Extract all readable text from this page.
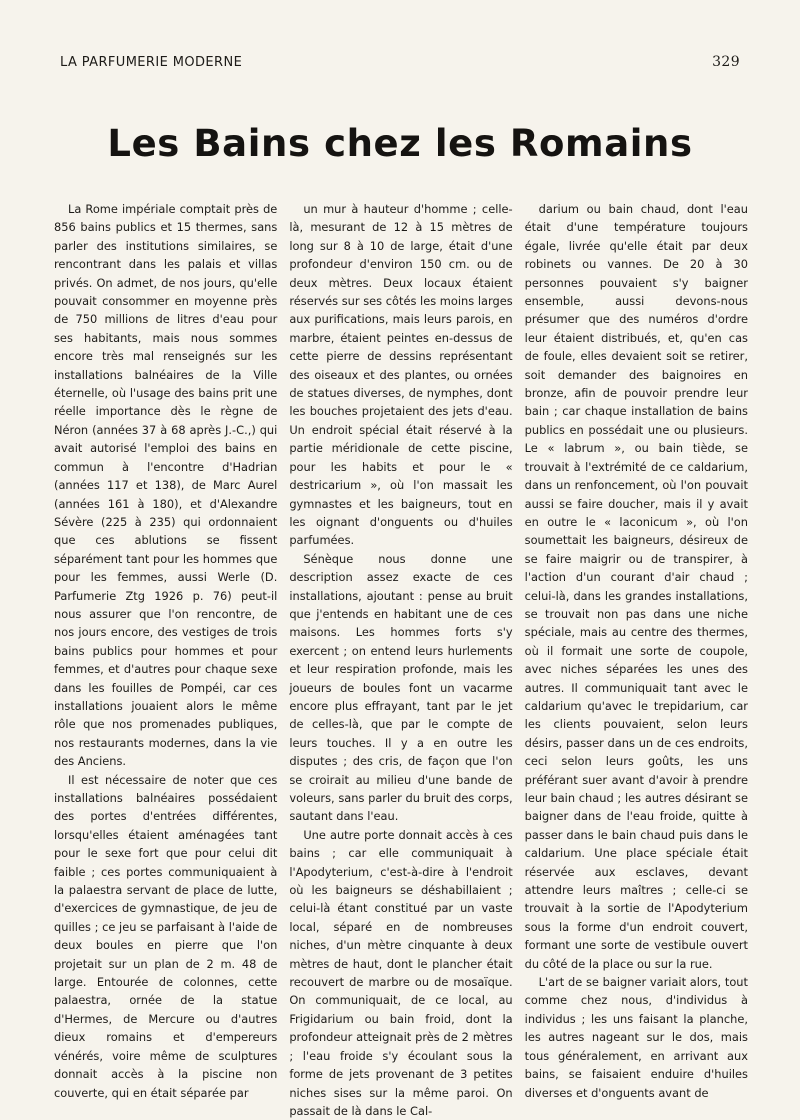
LA PARFUMERIE MODERNE	329
Les Bains chez les Romains

La Rome impériale comptait près de 856 bains publics et 15 thermes, sans parler des institutions similaires, se rencontrant dans les palais et villas privés. On admet, de nos jours, qu'elle pouvait consommer en moyenne près de 750 millions de litres d'eau pour ses habitants, mais nous sommes encore très mal renseignés sur les installations balnéaires de la Ville éternelle, où l'usage des bains prit une réelle importance dès le règne de Néron (années 37 à 68 après J.-C.,) qui avait autorisé l'emploi des bains en commun à l'encontre d'Hadrian (années 117 et 138), de Marc Aurel (années 161 à 180), et d'Alexandre Sévère (225 à 235) qui ordonnaient que ces ablutions se fissent séparément tant pour les hommes que pour les femmes, aussi Werle (D. Parfumerie Ztg 1926 p. 76) peut-il nous assurer que l'on rencontre, de nos jours encore, des vestiges de trois bains publics pour hommes et pour femmes, et d'autres pour chaque sexe dans les fouilles de Pompéi, car ces installations jouaient alors le même rôle que nos promenades publiques, nos restaurants modernes, dans la vie des Anciens.

Il est nécessaire de noter que ces installations balnéaires possédaient des portes d'entrées différentes, lorsqu'elles étaient aménagées tant pour le sexe fort que pour celui dit faible ; ces portes communiquaient à la palaestra servant de place de lutte, d'exercices de gymnastique, de jeu de quilles ; ce jeu se parfaisant à l'aide de deux boules en pierre que l'on projetait sur un plan de 2 m. 48 de large. Entourée de colonnes, cette palaestra, ornée de la statue d'Hermes, de Mercure ou d'autres dieux romains et d'empereurs vénérés, voire même de sculptures donnait accès à la piscine non couverte, qui en était séparée par

un mur à hauteur d'homme ; celle-là, mesurant de 12 à 15 mètres de long sur 8 à 10 de large, était d'une profondeur d'environ 150 cm. ou de deux mètres. Deux locaux étaient réservés sur ses côtés les moins larges aux purifications, mais leurs parois, en marbre, étaient peintes en-dessus de cette pierre de dessins représentant des oiseaux et des plantes, ou ornées de statues diverses, de nymphes, dont les bouches projetaient des jets d'eau. Un endroit spécial était réservé à la partie méridionale de cette piscine, pour les habits et pour le « destricarium », où l'on massait les gymnastes et les baigneurs, tout en les oignant d'onguents ou d'huiles parfumées.

Sénèque nous donne une description assez exacte de ces installations, ajoutant : pense au bruit que j'entends en habitant une de ces maisons. Les hommes forts s'y exercent ; on entend leurs hurlements et leur respiration profonde, mais les joueurs de boules font un vacarme encore plus effrayant, tant par le jet de celles-là, que par le compte de leurs touches. Il y a en outre les disputes ; des cris, de façon que l'on se croirait au milieu d'une bande de voleurs, sans parler du bruit des corps, sautant dans l'eau.

Une autre porte donnait accès à ces bains ; car elle communiquait à l'Apodyterium, c'est-à-dire à l'endroit où les baigneurs se déshabillaient ; celui-là étant constitué par un vaste local, séparé en de nombreuses niches, d'un mètre cinquante à deux mètres de haut, dont le plancher était recouvert de marbre ou de mosaïque. On communiquait, de ce local, au Frigidarium ou bain froid, dont la profondeur atteignait près de 2 mètres ; l'eau froide s'y écoulant sous la forme de jets provenant de 3 petites niches sises sur la même paroi. On passait de là dans le Cal-

darium ou bain chaud, dont l'eau était d'une température toujours égale, livrée qu'elle était par deux robinets ou vannes. De 20 à 30 personnes pouvaient s'y baigner ensemble, aussi devons-nous présumer que des numéros d'ordre leur étaient distribués, et, qu'en cas de foule, elles devaient soit se retirer, soit demander des baignoires en bronze, afin de pouvoir prendre leur bain ; car chaque installation de bains publics en possédait une ou plusieurs. Le « labrum », ou bain tiède, se trouvait à l'extrémité de ce caldarium, dans un renfoncement, où l'on pouvait aussi se faire doucher, mais il y avait en outre le « laconicum », où l'on soumettait les baigneurs, désireux de se faire maigrir ou de transpirer, à l'action d'un courant d'air chaud ; celui-là, dans les grandes installations, se trouvait non pas dans une niche spéciale, mais au centre des thermes, où il formait une sorte de coupole, avec niches séparées les unes des autres. Il communiquait tant avec le caldarium qu'avec le trepidarium, car les clients pouvaient, selon leurs désirs, passer dans un de ces endroits, ceci selon leurs goûts, les uns préférant suer avant d'avoir à prendre leur bain chaud ; les autres désirant se baigner dans de l'eau froide, quitte à passer dans le bain chaud puis dans le caldarium. Une place spéciale était réservée aux esclaves, devant attendre leurs maîtres ; celle-ci se trouvait à la sortie de l'Apodyterium sous la forme d'un endroit couvert, formant une sorte de vestibule ouvert du côté de la place ou sur la rue.

L'art de se baigner variait alors, tout comme chez nous, d'individus à individus ; les uns faisant la planche, les autres nageant sur le dos, mais tous généralement, en arrivant aux bains, se faisaient enduire d'huiles diverses et d'onguents avant de
